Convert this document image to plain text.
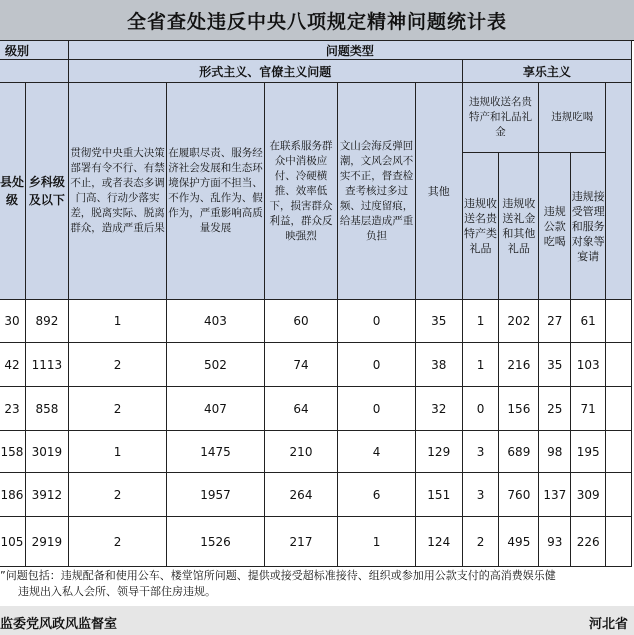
全省查处违反中央八项规定精神问题统计表
级别		问题类型									
		形式主义、官僚主义问题					享乐主义				
县处级	乡科级及以下	贯彻党中央重大决策部署有令不行、有禁不止，或者表态多调门高、行动少落实差，脱离实际、脱离群众，造成严重后果	在履职尽责、服务经济社会发展和生态环境保护方面不担当、不作为、乱作为、假作为，严重影响高质量发展	在联系服务群众中消极应付、冷硬横推、效率低下，损害群众利益，群众反映强烈	文山会海反弹回潮，文风会风不实不正，督查检查考核过多过频、过度留痕，给基层造成严重负担	其他	违规收送名贵特产和礼品礼金		违规吃喝		
							违规收送名贵特产类礼品	违规收送礼金和其他礼品	违规公款吃喝	违规接受管理和服务对象等宴请	
30	892	1	403	60	0	35	1	202	27	61	
42	1113	2	502	74	0	38	1	216	35	103	
23	858	2	407	64	0	32	0	156	25	71	
158	3019	1	1475	210	4	129	3	689	98	195	
186	3912	2	1957	264	6	151	3	760	137	309	
105	2919	2	1526	217	1	124	2	495	93	226	
”问题包括：违规配备和使用公车、楼堂馆所问题、提供或接受超标准接待、组织或参加用公款支付的高消费娱乐健
违规出入私人会所、领导干部住房违规。
监委党风政风监督室	河北省
